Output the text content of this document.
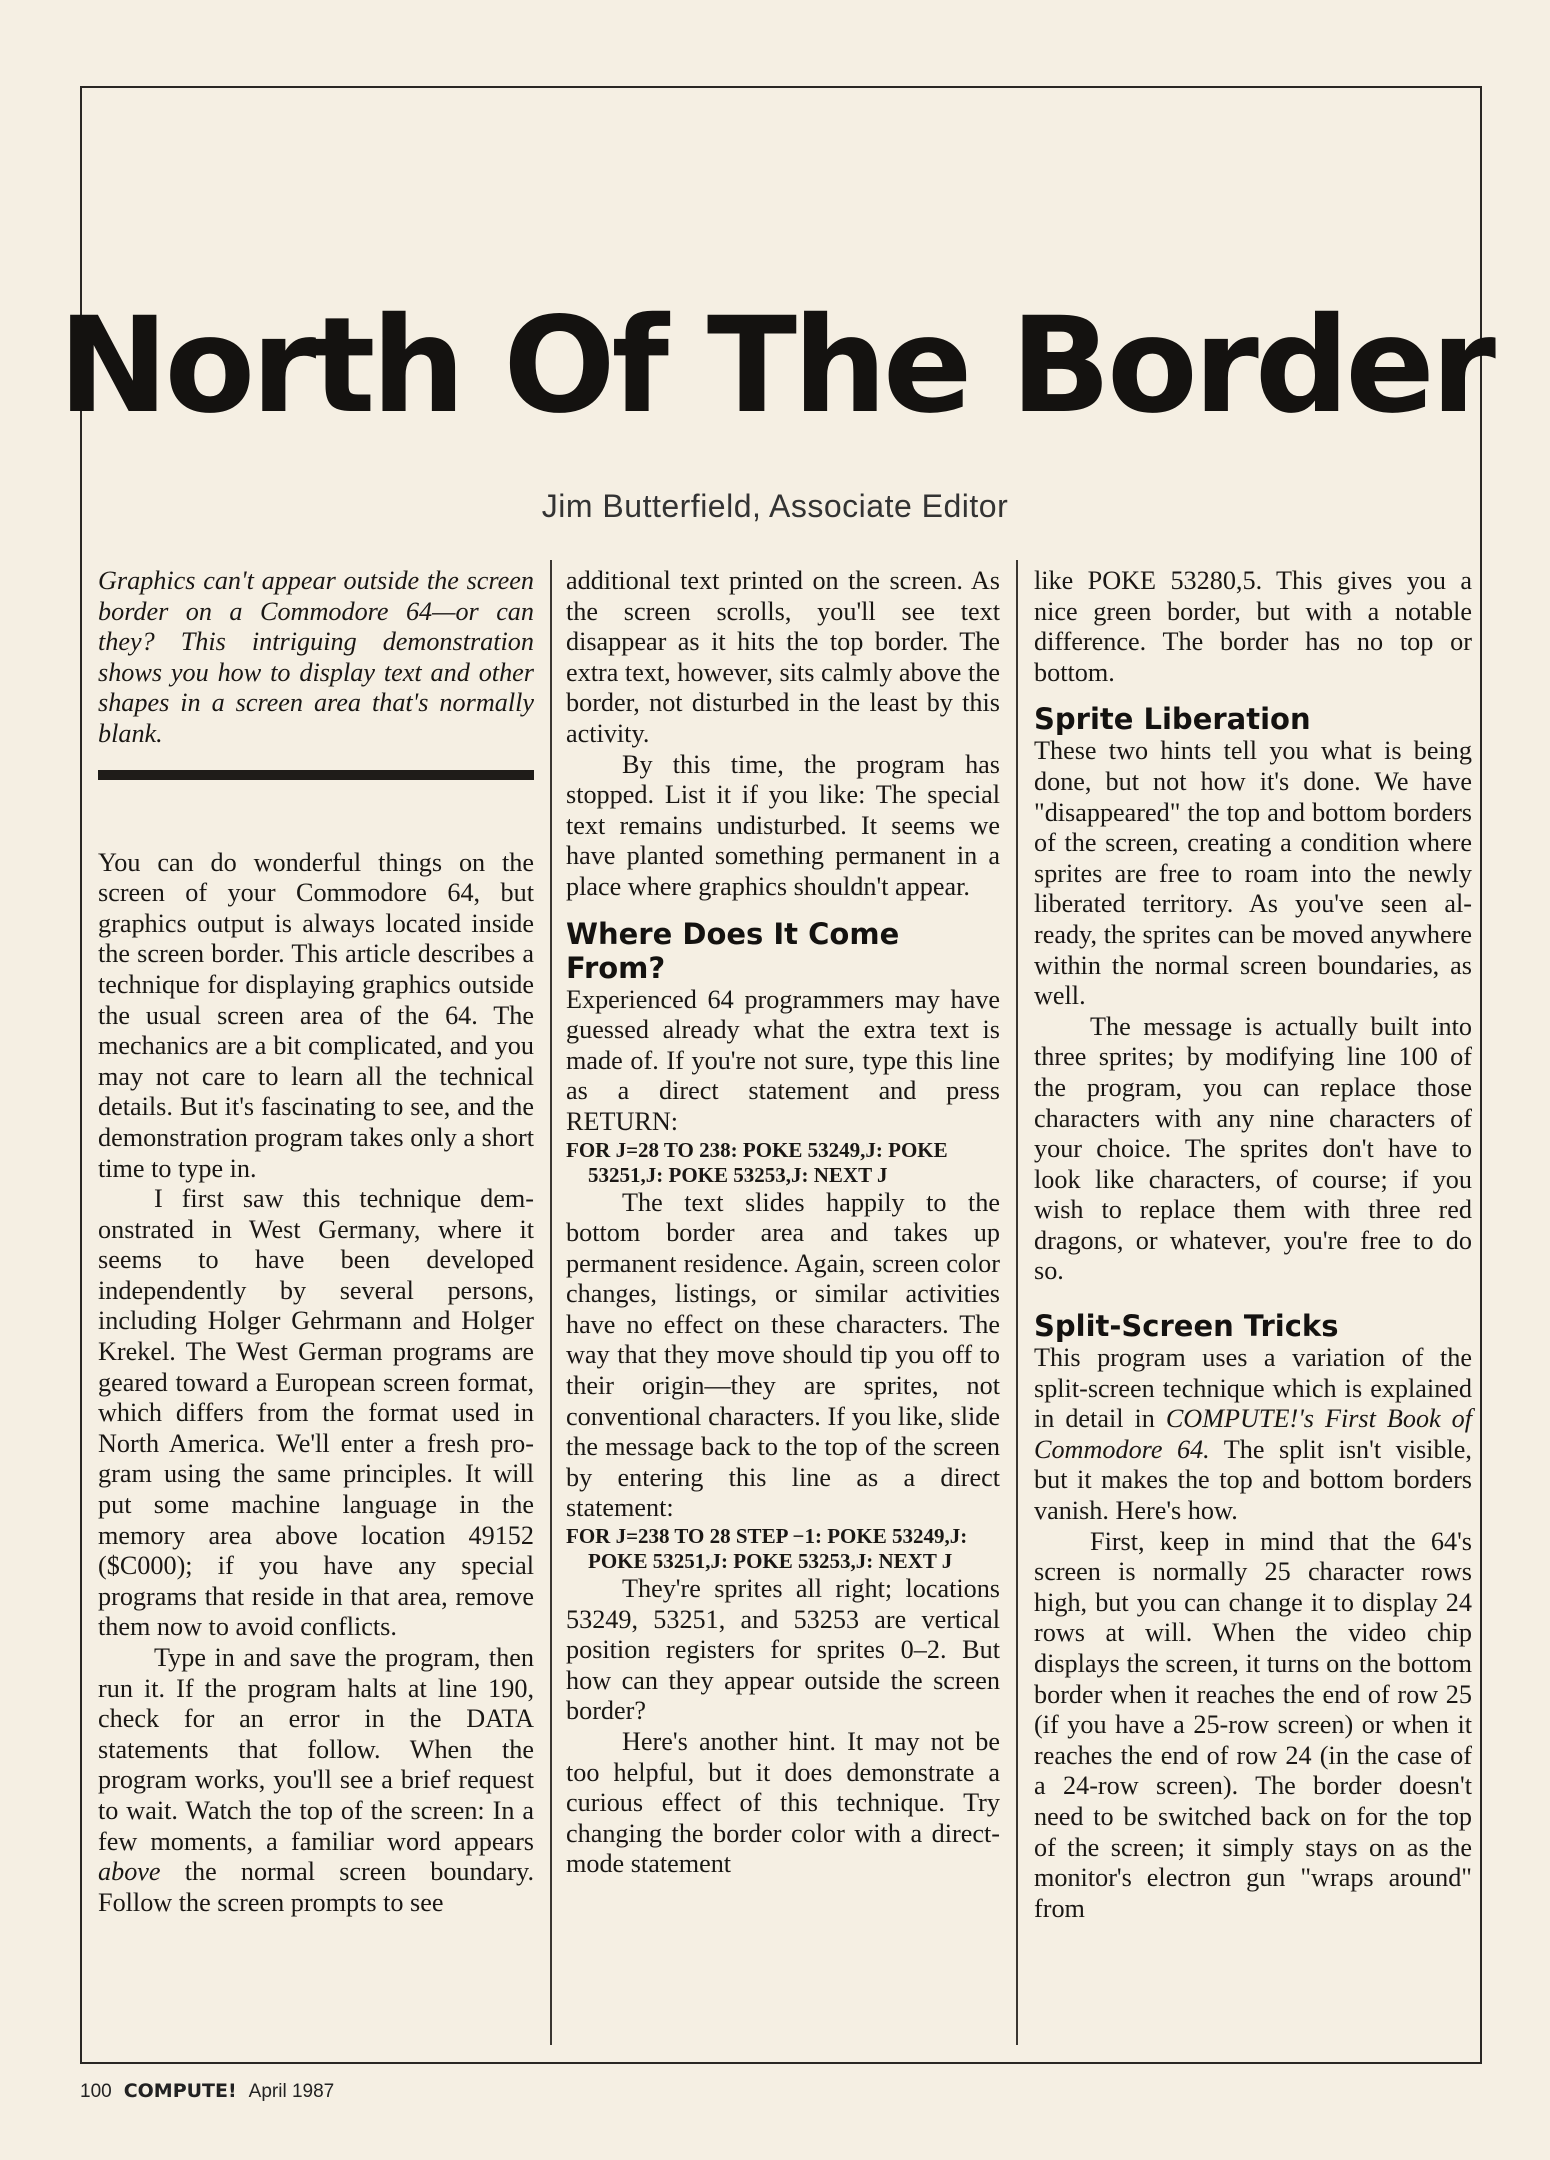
North Of The Border
Jim Butterfield, Associate Editor

Graphics can't appear outside the screen border on a Commodore 64—or can they? This intriguing demonstration shows you how to display text and other shapes in a screen area that's normally blank.

You can do wonderful things on the screen of your Commodore 64, but graphics output is always located inside the screen border. This article describes a technique for displaying graphics outside the usual screen area of the 64. The mechanics are a bit complicated, and you may not care to learn all the technical details. But it's fascinating to see, and the demonstration program takes only a short time to type in.

I first saw this technique demonstrated in West Germany, where it seems to have been developed independently by several persons, including Holger Gehrmann and Holger Krekel. The West German programs are geared toward a European screen format, which differs from the format used in North America. We'll enter a fresh program using the same principles. It will put some machine language in the memory area above location 49152 ($C000); if you have any special programs that reside in that area, remove them now to avoid conflicts.

Type in and save the program, then run it. If the program halts at line 190, check for an error in the DATA statements that follow. When the program works, you'll see a brief request to wait. Watch the top of the screen: In a few moments, a familiar word appears above the normal screen boundary. Follow the screen prompts to see

additional text printed on the screen. As the screen scrolls, you'll see text disappear as it hits the top border. The extra text, however, sits calmly above the border, not disturbed in the least by this activity.

By this time, the program has stopped. List it if you like: The special text remains undisturbed. It seems we have planted something permanent in a place where graphics shouldn't appear.

Where Does It Come From?

Experienced 64 programmers may have guessed already what the extra text is made of. If you're not sure, type this line as a direct statement and press RETURN:

FOR J=28 TO 238: POKE 53249,J: POKE 53251,J: POKE 53253,J: NEXT J

The text slides happily to the bottom border area and takes up permanent residence. Again, screen color changes, listings, or similar activities have no effect on these characters. The way that they move should tip you off to their origin—they are sprites, not conventional characters. If you like, slide the message back to the top of the screen by entering this line as a direct statement:

FOR J=238 TO 28 STEP −1: POKE 53249,J: POKE 53251,J: POKE 53253,J: NEXT J

They're sprites all right; locations 53249, 53251, and 53253 are vertical position registers for sprites 0–2. But how can they appear outside the screen border?

Here's another hint. It may not be too helpful, but it does demonstrate a curious effect of this technique. Try changing the border color with a direct-mode statement

like POKE 53280,5. This gives you a nice green border, but with a notable difference. The border has no top or bottom.

Sprite Liberation

These two hints tell you what is being done, but not how it's done. We have "disappeared" the top and bottom borders of the screen, creating a condition where sprites are free to roam into the newly liberated territory. As you've seen already, the sprites can be moved anywhere within the normal screen boundaries, as well.

The message is actually built into three sprites; by modifying line 100 of the program, you can replace those characters with any nine characters of your choice. The sprites don't have to look like characters, of course; if you wish to replace them with three red dragons, or whatever, you're free to do so.

Split-Screen Tricks

This program uses a variation of the split-screen technique which is explained in detail in COMPUTE!'s First Book of Commodore 64. The split isn't visible, but it makes the top and bottom borders vanish. Here's how.

First, keep in mind that the 64's screen is normally 25 character rows high, but you can change it to display 24 rows at will. When the video chip displays the screen, it turns on the bottom border when it reaches the end of row 25 (if you have a 25-row screen) or when it reaches the end of row 24 (in the case of a 24-row screen). The border doesn't need to be switched back on for the top of the screen; it simply stays on as the monitor's electron gun "wraps around" from

100 COMPUTE! April 1987
